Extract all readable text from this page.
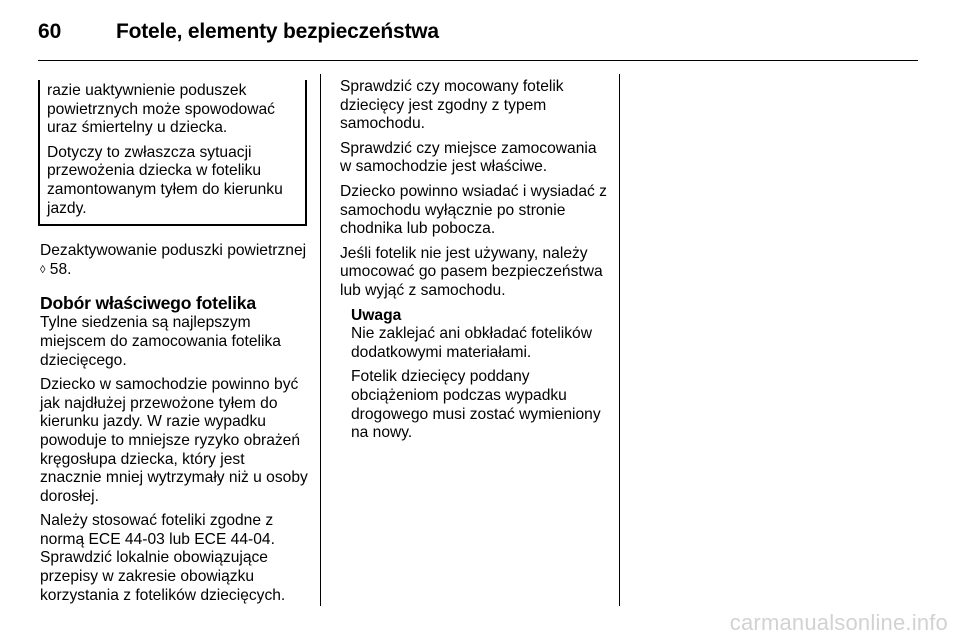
60	Fotele, elementy bezpieczeństwa

razie uaktywnienie poduszek powietrznych może spowodować uraz śmiertelny u dziecka.

Dotyczy to zwłaszcza sytuacji przewożenia dziecka w foteliku zamontowanym tyłem do kierunku jazdy.

Dezaktywowanie poduszki powietrznej ◊ 58.

Dobór właściwego fotelika

Tylne siedzenia są najlepszym miejscem do zamocowania fotelika dziecięcego.

Dziecko w samochodzie powinno być jak najdłużej przewożone tyłem do kierunku jazdy. W razie wypadku powoduje to mniejsze ryzyko obrażeń kręgosłupa dziecka, który jest znacznie mniej wytrzymały niż u osoby dorosłej.

Należy stosować foteliki zgodne z normą ECE 44-03 lub ECE 44-04. Sprawdzić lokalnie obowiązujące przepisy w zakresie obowiązku korzystania z fotelików dziecięcych.

Sprawdzić czy mocowany fotelik dziecięcy jest zgodny z typem samochodu.

Sprawdzić czy miejsce zamocowania w samochodzie jest właściwe.

Dziecko powinno wsiadać i wysiadać z samochodu wyłącznie po stronie chodnika lub pobocza.

Jeśli fotelik nie jest używany, należy umocować go pasem bezpieczeństwa lub wyjąć z samochodu.

Uwaga

Nie zaklejać ani obkładać fotelików dodatkowymi materiałami.

Fotelik dziecięcy poddany obciążeniom podczas wypadku drogowego musi zostać wymieniony na nowy.

carmanualsonline.info
